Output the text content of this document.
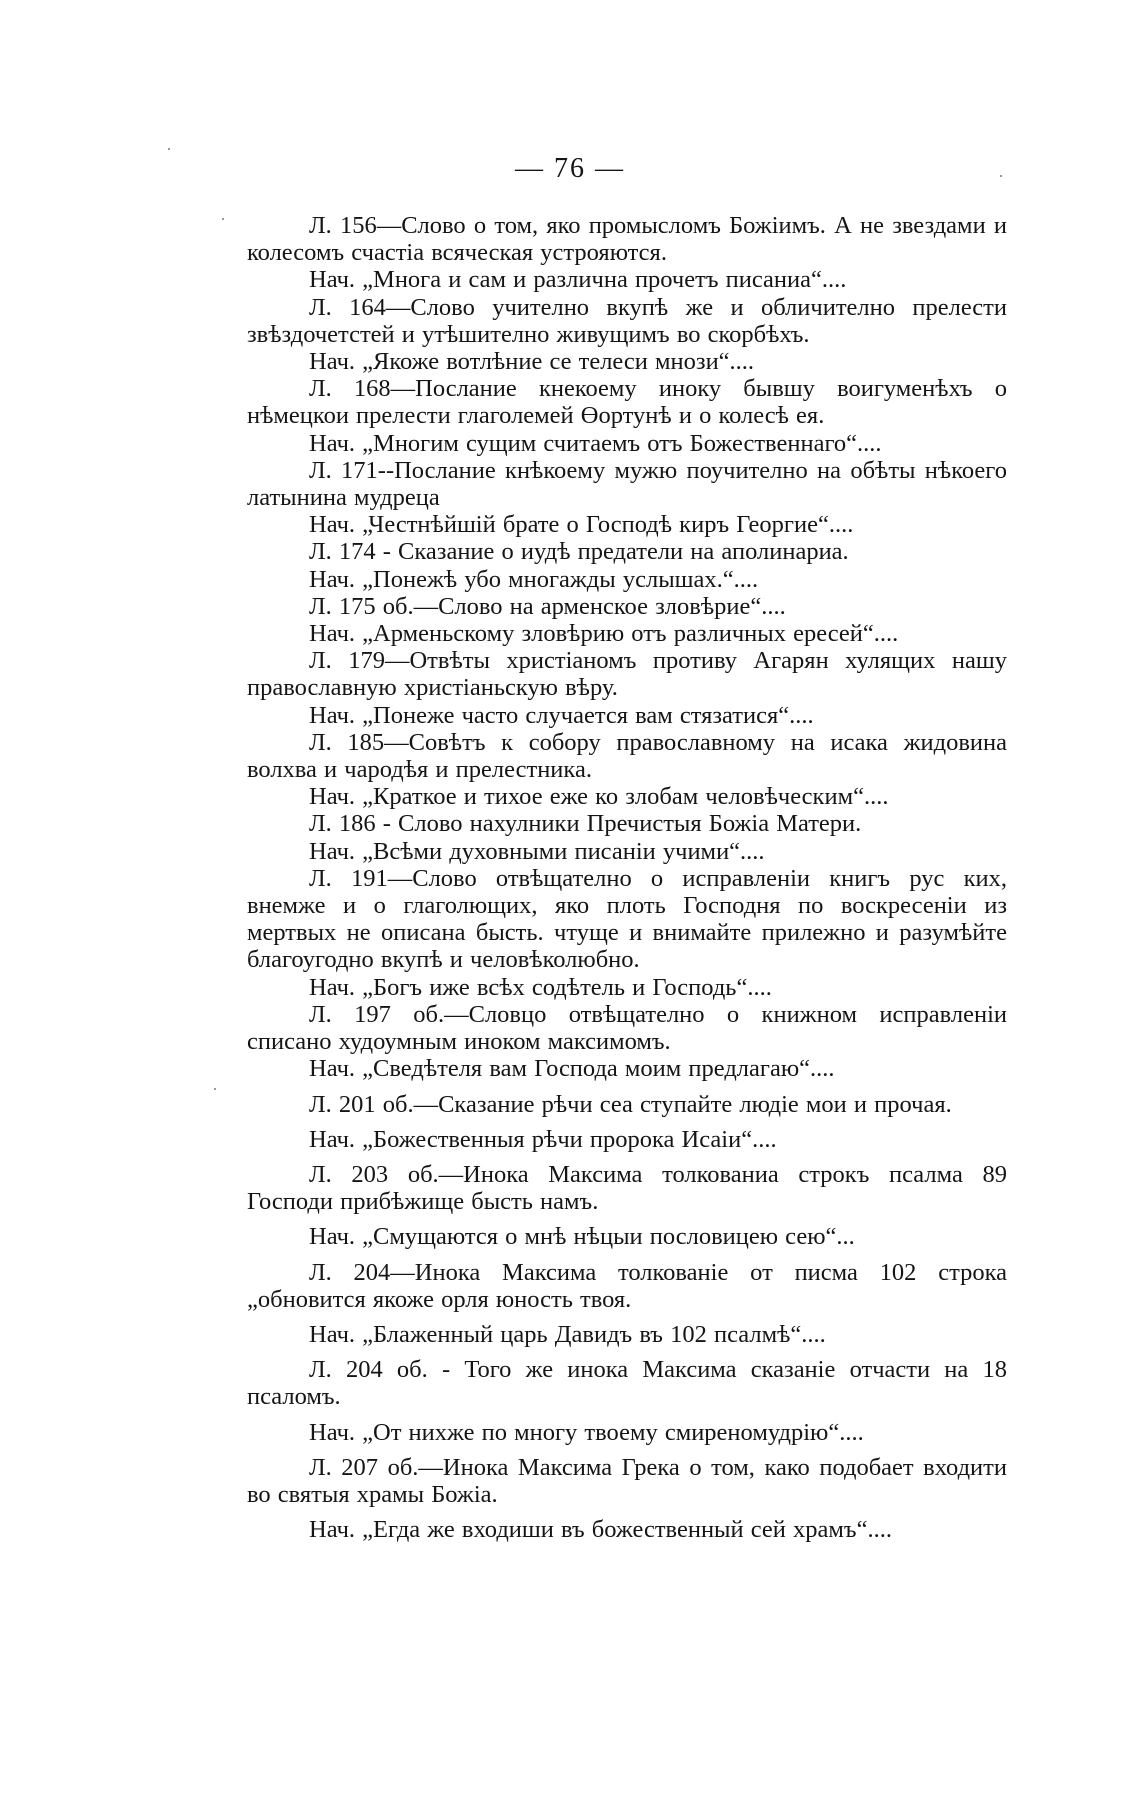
— 76 —

Л. 156—Слово о том, яко промысломъ Божіимъ. А не звездами и колесомъ счастіа всяческая устрояются.

Нач. „Многа и сам и различна прочетъ писаниа“....

Л. 164—Слово учително вкупѣ же и обличително прелести звѣздочетстей и утѣшително живущимъ во скорбѣхъ.

Нач. „Якоже вотлѣние се телеси мнози“....

Л. 168—Послание кнекоему иноку бывшу воигуменѣхъ о нѣмецкои прелести глаголемей Өортунѣ и о колесѣ ея.

Нач. „Многим сущим считаемъ отъ Божественнаго“....

Л. 171--Послание кнѣкоему мужю поучително на обѣты нѣкоего латынина мудреца

Нач. „Честнѣйшій брате о Господѣ киръ Георгие“....

Л. 174 - Сказание о иудѣ предатели на аполинариа.

Нач. „Понежѣ убо многажды услышах.“....

Л. 175 об.—Слово на арменское зловѣрие“....

Нач. „Арменьскому зловѣрию отъ различных ересей“....

Л. 179—Отвѣты христіаномъ противу Агарян хулящих нашу православную христіаньскую вѣру.

Нач. „Понеже часто случается вам стязатися“....

Л. 185—Совѣтъ к собору православному на исака жидовина волхва и чародѣя и прелестника.

Нач. „Краткое и тихое еже ко злобам человѣческим“....

Л. 186 - Слово нахулники Пречистыя Божіа Матери.

Нач. „Всѣми духовными писаніи учими“....

Л. 191—Слово отвѣщателно о исправленіи книгъ рус ких, внемже и о глаголющих, яко плоть Господня по воскресеніи из мертвых не описана бысть. чтуще и внимайте прилежно и разумѣйте благоугодно вкупѣ и человѣколюбно.

Нач. „Богъ иже всѣх содѣтель и Господь“....

Л. 197 об.—Словцо отвѣщателно о книжном исправленіи списано худоумным иноком максимомъ.

Нач. „Сведѣтеля вам Господа моим предлагаю“....

Л. 201 об.—Сказание рѣчи сеа ступайте людіе мои и прочая.

Нач. „Божественныя рѣчи пророка Исаіи“....

Л. 203 об.—Инока Максима толкованиа строкъ псалма 89 Господи прибѣжище бысть намъ.

Нач. „Смущаются о мнѣ нѣцыи пословицею сею“...

Л. 204—Инока Максима толкованіе от писма 102 строка „обновится якоже орля юность твоя.

Нач. „Блаженный царь Давидъ въ 102 псалмѣ“....

Л. 204 об. - Того же инока Максима сказаніе отчасти на 18 псаломъ.

Нач. „От нихже по многу твоему смиреномудрію“....

Л. 207 об.—Инока Максима Грека о том, како подобает входити во святыя храмы Божіа.

Нач. „Егда же входиши въ божественный сей храмъ“....
